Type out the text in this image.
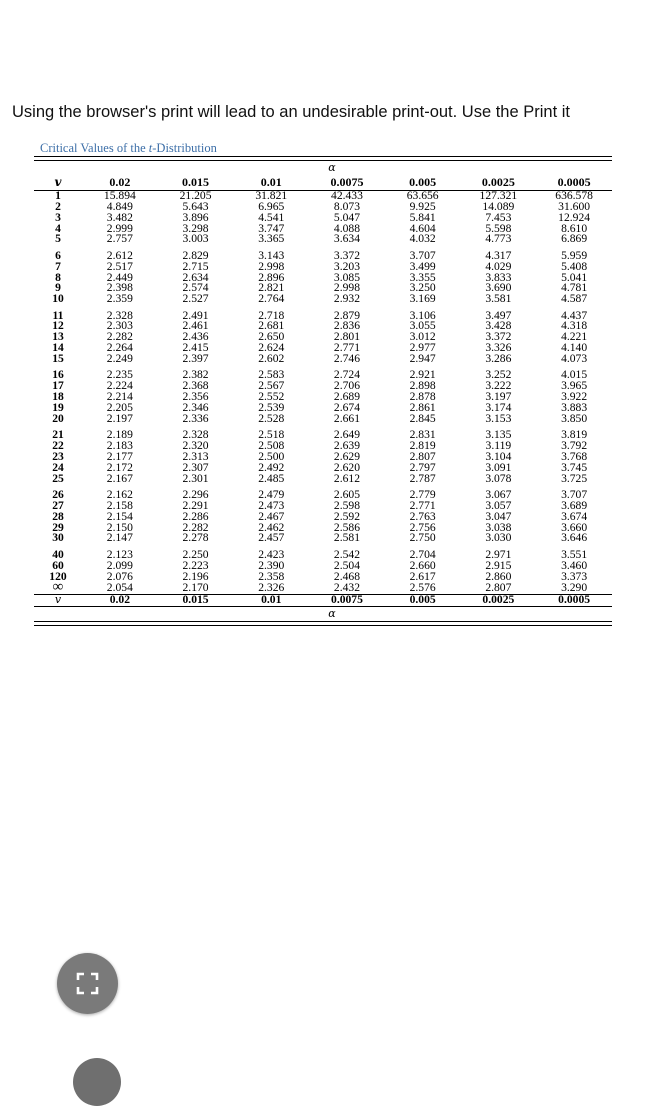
Using the browser's print will lead to an undesirable print-out. Use the Print it
Critical Values of the t-Distribution
α
v	0.02	0.015	0.01	0.0075	0.005	0.0025	0.0005
1	15.894	21.205	31.821	42.433	63.656	127.321	636.578
2	4.849	5.643	6.965	8.073	9.925	14.089	31.600
3	3.482	3.896	4.541	5.047	5.841	7.453	12.924
4	2.999	3.298	3.747	4.088	4.604	5.598	8.610
5	2.757	3.003	3.365	3.634	4.032	4.773	6.869

6	2.612	2.829	3.143	3.372	3.707	4.317	5.959
7	2.517	2.715	2.998	3.203	3.499	4.029	5.408
8	2.449	2.634	2.896	3.085	3.355	3.833	5.041
9	2.398	2.574	2.821	2.998	3.250	3.690	4.781
10	2.359	2.527	2.764	2.932	3.169	3.581	4.587

11	2.328	2.491	2.718	2.879	3.106	3.497	4.437
12	2.303	2.461	2.681	2.836	3.055	3.428	4.318
13	2.282	2.436	2.650	2.801	3.012	3.372	4.221
14	2.264	2.415	2.624	2.771	2.977	3.326	4.140
15	2.249	2.397	2.602	2.746	2.947	3.286	4.073

16	2.235	2.382	2.583	2.724	2.921	3.252	4.015
17	2.224	2.368	2.567	2.706	2.898	3.222	3.965
18	2.214	2.356	2.552	2.689	2.878	3.197	3.922
19	2.205	2.346	2.539	2.674	2.861	3.174	3.883
20	2.197	2.336	2.528	2.661	2.845	3.153	3.850

21	2.189	2.328	2.518	2.649	2.831	3.135	3.819
22	2.183	2.320	2.508	2.639	2.819	3.119	3.792
23	2.177	2.313	2.500	2.629	2.807	3.104	3.768
24	2.172	2.307	2.492	2.620	2.797	3.091	3.745
25	2.167	2.301	2.485	2.612	2.787	3.078	3.725

26	2.162	2.296	2.479	2.605	2.779	3.067	3.707
27	2.158	2.291	2.473	2.598	2.771	3.057	3.689
28	2.154	2.286	2.467	2.592	2.763	3.047	3.674
29	2.150	2.282	2.462	2.586	2.756	3.038	3.660
30	2.147	2.278	2.457	2.581	2.750	3.030	3.646

40	2.123	2.250	2.423	2.542	2.704	2.971	3.551
60	2.099	2.223	2.390	2.504	2.660	2.915	3.460
120	2.076	2.196	2.358	2.468	2.617	2.860	3.373
∞	2.054	2.170	2.326	2.432	2.576	2.807	3.290
v	0.02	0.015	0.01	0.0075	0.005	0.0025	0.0005
α
